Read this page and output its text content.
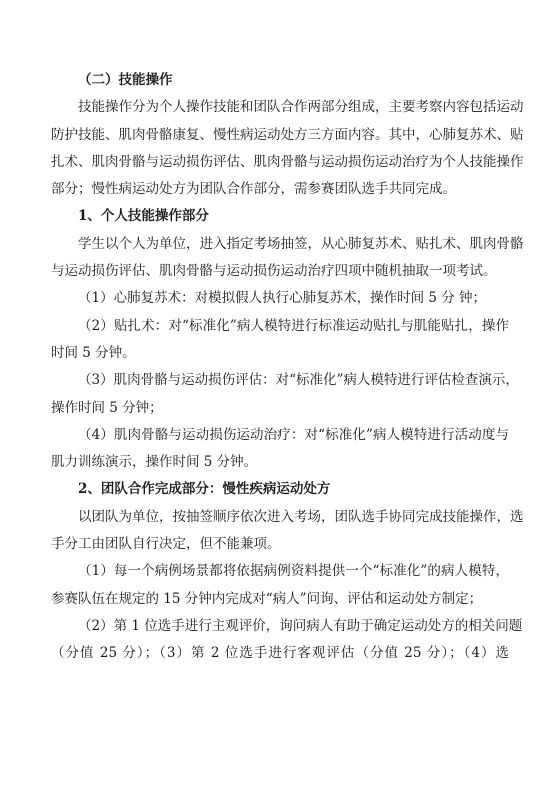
（二）技能操作
技能操作分为个人操作技能和团队合作两部分组成，主要考察内容包括运动
防护技能、肌肉骨骼康复、慢性病运动处方三方面内容。其中，心肺复苏术、贴
扎术、肌肉骨骼与运动损伤评估、肌肉骨骼与运动损伤运动治疗为个人技能操作
部分；慢性病运动处方为团队合作部分，需参赛团队选手共同完成。
1、个人技能操作部分
学生以个人为单位，进入指定考场抽签，从心肺复苏术、贴扎术、肌肉骨骼
与运动损伤评估、肌肉骨骼与运动损伤运动治疗四项中随机抽取一项考试。
（1）心肺复苏术：对模拟假人执行心肺复苏术，操作时间 5 分 钟；
（2）贴扎术：对“标准化”病人模特进行标准运动贴扎与肌能贴扎，操作
时间 5 分钟。
（3）肌肉骨骼与运动损伤评估：对“标准化”病人模特进行评估检查演示，
操作时间 5 分钟；
（4）肌肉骨骼与运动损伤运动治疗：对“标准化”病人模特进行活动度与
肌力训练演示，操作时间 5 分钟。
2、团队合作完成部分：慢性疾病运动处方
以团队为单位，按抽签顺序依次进入考场，团队选手协同完成技能操作，选
手分工由团队自行决定，但不能兼项。
（1）每一个病例场景都将依据病例资料提供一个“标准化”的病人模特，
参赛队伍在规定的 15 分钟内完成对“病人”问询、评估和运动处方制定；
（2）第 1 位选手进行主观评价，询问病人有助于确定运动处方的相关问题
（分值 25 分）；（3）第 2 位选手进行客观评估（分值 25 分）；（4）选
